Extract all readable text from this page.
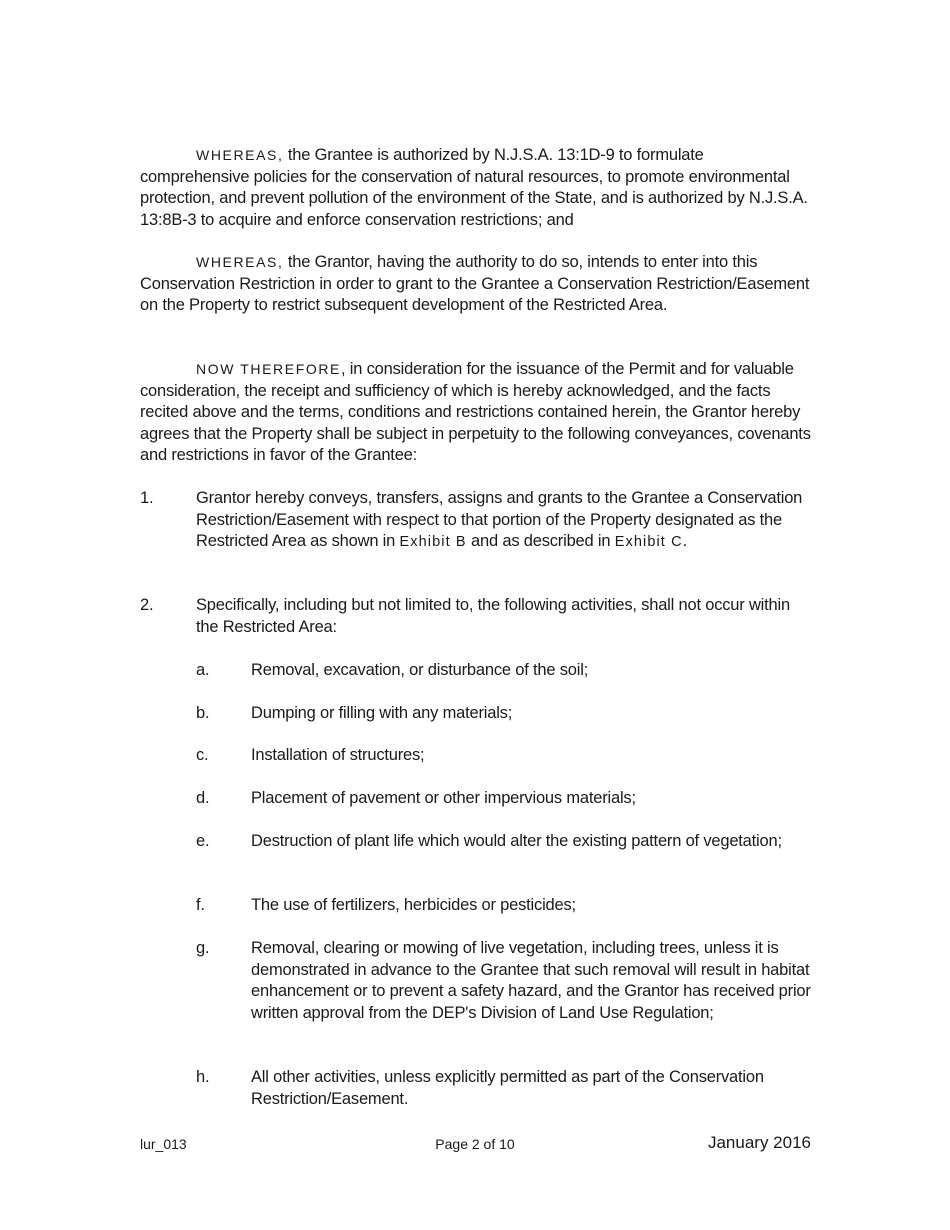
WHEREAS, the Grantee is authorized by N.J.S.A. 13:1D-9 to formulate comprehensive policies for the conservation of natural resources, to promote environmental protection, and prevent pollution of the environment of the State, and is authorized by N.J.S.A. 13:8B-3 to acquire and enforce conservation restrictions; and

WHEREAS, the Grantor, having the authority to do so, intends to enter into this Conservation Restriction in order to grant to the Grantee a Conservation Restriction/Easement on the Property to restrict subsequent development of the Restricted Area.

NOW THEREFORE, in consideration for the issuance of the Permit and for valuable consideration, the receipt and sufficiency of which is hereby acknowledged, and the facts recited above and the terms, conditions and restrictions contained herein, the Grantor hereby agrees that the Property shall be subject in perpetuity to the following conveyances, covenants and restrictions in favor of the Grantee:

1.	Grantor hereby conveys, transfers, assigns and grants to the Grantee a Conservation Restriction/Easement with respect to that portion of the Property designated as the Restricted Area as shown in Exhibit B and as described in Exhibit C.
2.	Specifically, including but not limited to, the following activities, shall not occur within the Restricted Area:
a.	Removal, excavation, or disturbance of the soil;
b.	Dumping or filling with any materials;
c.	Installation of structures;
d.	Placement of pavement or other impervious materials;
e.	Destruction of plant life which would alter the existing pattern of vegetation;
f.	The use of fertilizers, herbicides or pesticides;
g.	Removal, clearing or mowing of live vegetation, including trees, unless it is demonstrated in advance to the Grantee that such removal will result in habitat enhancement or to prevent a safety hazard, and the Grantor has received prior written approval from the DEP's Division of Land Use Regulation;
h.	All other activities, unless explicitly permitted as part of the Conservation Restriction/Easement.
lur_013	Page 2 of 10	January 2016
